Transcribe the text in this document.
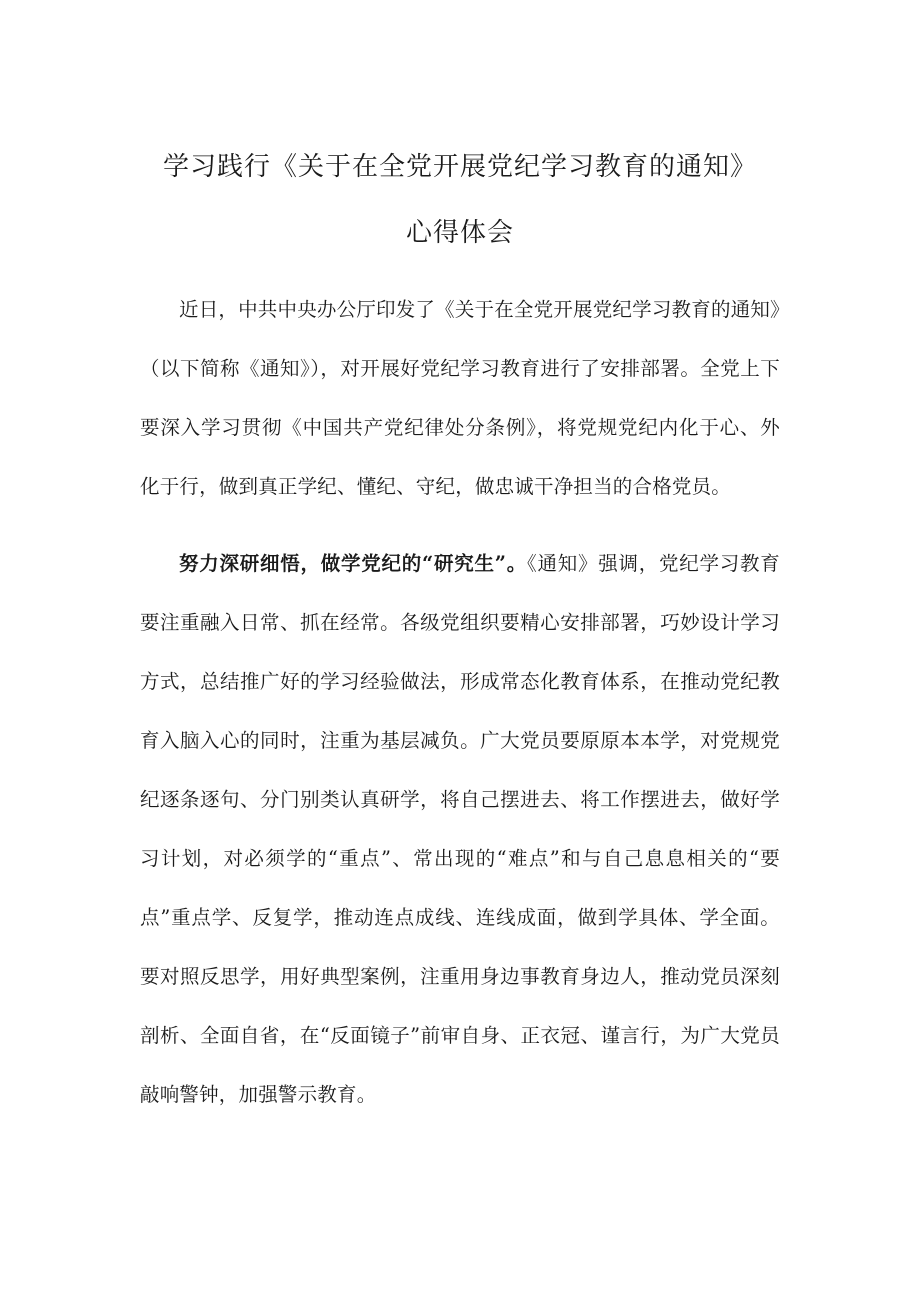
学习践行《关于在全党开展党纪学习教育的通知》
心得体会

近日，中共中央办公厅印发了《关于在全党开展党纪学习教育的通知》（以下简称《通知》），对开展好党纪学习教育进行了安排部署。全党上下要深入学习贯彻《中国共产党纪律处分条例》，将党规党纪内化于心、外化于行，做到真正学纪、懂纪、守纪，做忠诚干净担当的合格党员。

努力深研细悟，做学党纪的“研究生”。《通知》强调，党纪学习教育要注重融入日常、抓在经常。各级党组织要精心安排部署，巧妙设计学习方式，总结推广好的学习经验做法，形成常态化教育体系，在推动党纪教育入脑入心的同时，注重为基层减负。广大党员要原原本本学，对党规党纪逐条逐句、分门别类认真研学，将自己摆进去、将工作摆进去，做好学习计划，对必须学的“重点”、常出现的“难点”和与自己息息相关的“要点”重点学、反复学，推动连点成线、连线成面，做到学具体、学全面。要对照反思学，用好典型案例，注重用身边事教育身边人，推动党员深刻剖析、全面自省，在“反面镜子”前审自身、正衣冠、谨言行，为广大党员敲响警钟，加强警示教育。
